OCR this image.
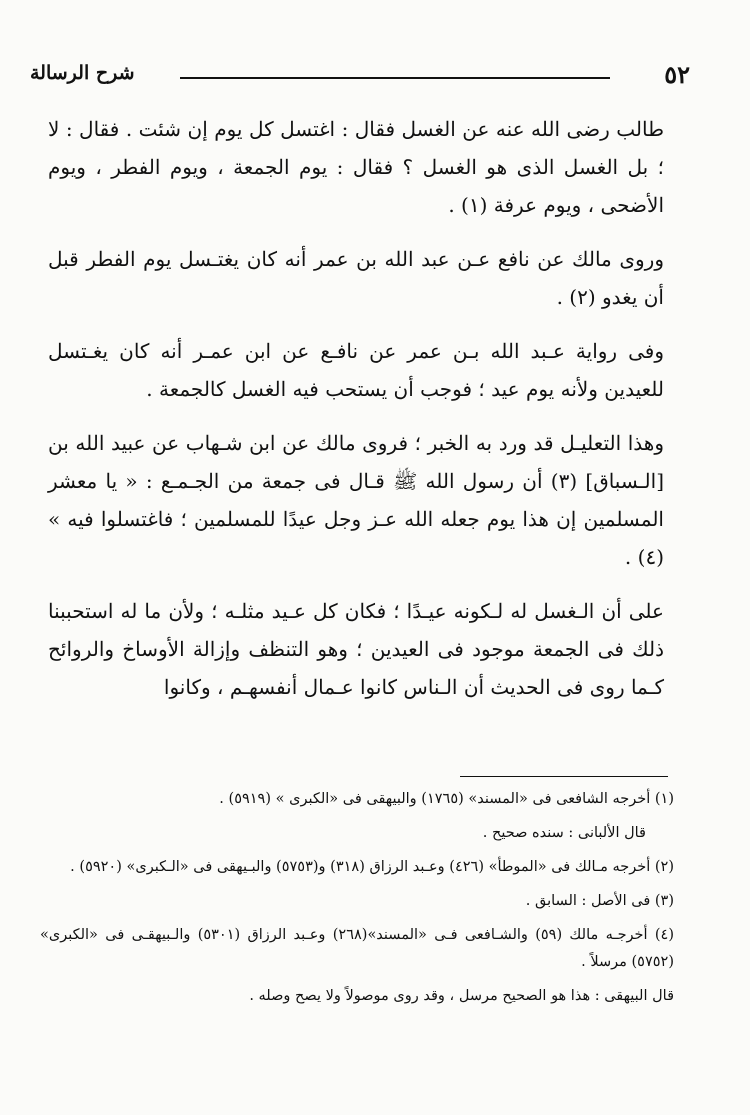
٥٢
شرح الرسالة

طالب رضى الله عنه عن الغسل فقال : اغتسل كل يوم إن شئت . فقال : لا ؛ بل الغسل الذى هو الغسل ؟ فقال : يوم الجمعة ، ويوم الفطر ، ويوم الأضحى ، ويوم عرفة (١) .

وروى مالك عن نافع عـن عبد الله بن عمر أنه كان يغتـسل يوم الفطر قبل أن يغدو (٢) .

وفى رواية عـبد الله بـن عمر عن نافـع عن ابن عمـر أنه كان يغـتسل للعيدين ولأنه يوم عيد ؛ فوجب أن يستحب فيه الغسل كالجمعة .

وهذا التعليـل قد ورد به الخبر ؛ فروى مالك عن ابن شـهاب عن عبيد الله بن [الـسباق] (٣) أن رسول الله ﷺ قـال فى جمعة من الجـمـع : « يا معشر المسلمين إن هذا يوم جعله الله عـز وجل عيدًا للمسلمين ؛ فاغتسلوا فيه » (٤) .

على أن الـغسل له لـكونه عيـدًا ؛ فكان كل عـيد مثلـه ؛ ولأن ما له استحببنا ذلك فى الجمعة موجود فى العيدين ؛ وهو التنظف وإزالة الأوساخ والروائح كـما روى فى الحديث أن الـناس كانوا عـمال أنفسهـم ، وكانوا

(١) أخرجه الشافعى فى «المسند» (١٧٦٥) والبيهقى فى «الكبرى » (٥٩١٩) .

قال الألبانى : سنده صحيح .

(٢) أخرجه مـالك فى «الموطأ» (٤٢٦) وعـبد الرزاق (٣١٨) و(٥٧٥٣) والبـيهقى فى «الـكبرى» (٥٩٢٠) .

(٣) فى الأصل : السابق .

(٤) أخرجـه مالك (٥٩) والشـافعى فـى «المسند»(٢٦٨) وعـبد الرزاق (٥٣٠١) والـبيهقـى فى «الكبرى» (٥٧٥٢) مرسلاً .

قال البيهقى : هذا هو الصحيح مرسل ، وقد روى موصولاً ولا يصح وصله .
